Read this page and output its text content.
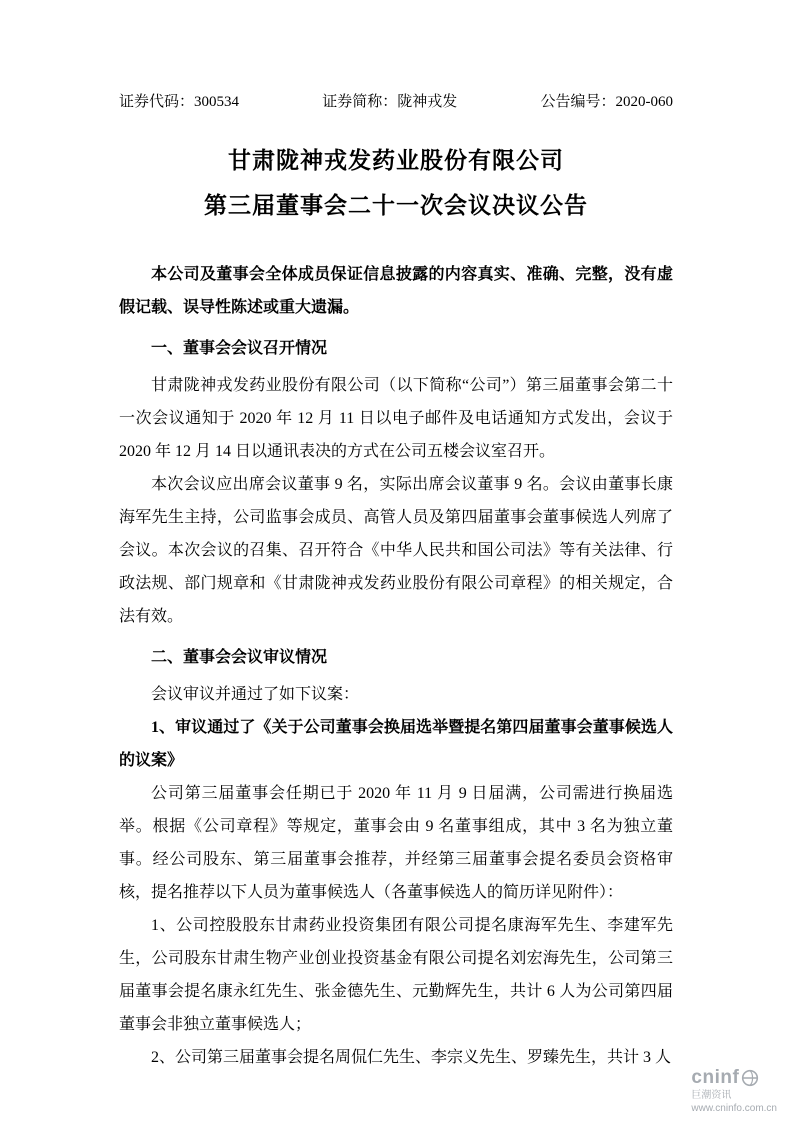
证券代码：300534	证券简称：陇神戎发	公告编号：2020-060
甘肃陇神戎发药业股份有限公司
第三届董事会二十一次会议决议公告

本公司及董事会全体成员保证信息披露的内容真实、准确、完整，没有虚假记载、误导性陈述或重大遗漏。

一、董事会会议召开情况

甘肃陇神戎发药业股份有限公司（以下简称“公司”）第三届董事会第二十一次会议通知于 2020 年 12 月 11 日以电子邮件及电话通知方式发出，会议于2020 年 12 月 14 日以通讯表决的方式在公司五楼会议室召开。

本次会议应出席会议董事 9 名，实际出席会议董事 9 名。会议由董事长康海军先生主持，公司监事会成员、高管人员及第四届董事会董事候选人列席了会议。本次会议的召集、召开符合《中华人民共和国公司法》等有关法律、行政法规、部门规章和《甘肃陇神戎发药业股份有限公司章程》的相关规定，合法有效。

二、董事会会议审议情况

会议审议并通过了如下议案：

1、审议通过了《关于公司董事会换届选举暨提名第四届董事会董事候选人的议案》

公司第三届董事会任期已于 2020 年 11 月 9 日届满，公司需进行换届选举。根据《公司章程》等规定，董事会由 9 名董事组成，其中 3 名为独立董事。经公司股东、第三届董事会推荐，并经第三届董事会提名委员会资格审核，提名推荐以下人员为董事候选人（各董事候选人的简历详见附件）：

1、公司控股股东甘肃药业投资集团有限公司提名康海军先生、李建军先生，公司股东甘肃生物产业创业投资基金有限公司提名刘宏海先生，公司第三届董事会提名康永红先生、张金德先生、元勤辉先生，共计 6 人为公司第四届董事会非独立董事候选人；

2、公司第三届董事会提名周侃仁先生、李宗义先生、罗臻先生，共计 3 人

cninf
巨潮资讯
www.cninfo.com.cn
